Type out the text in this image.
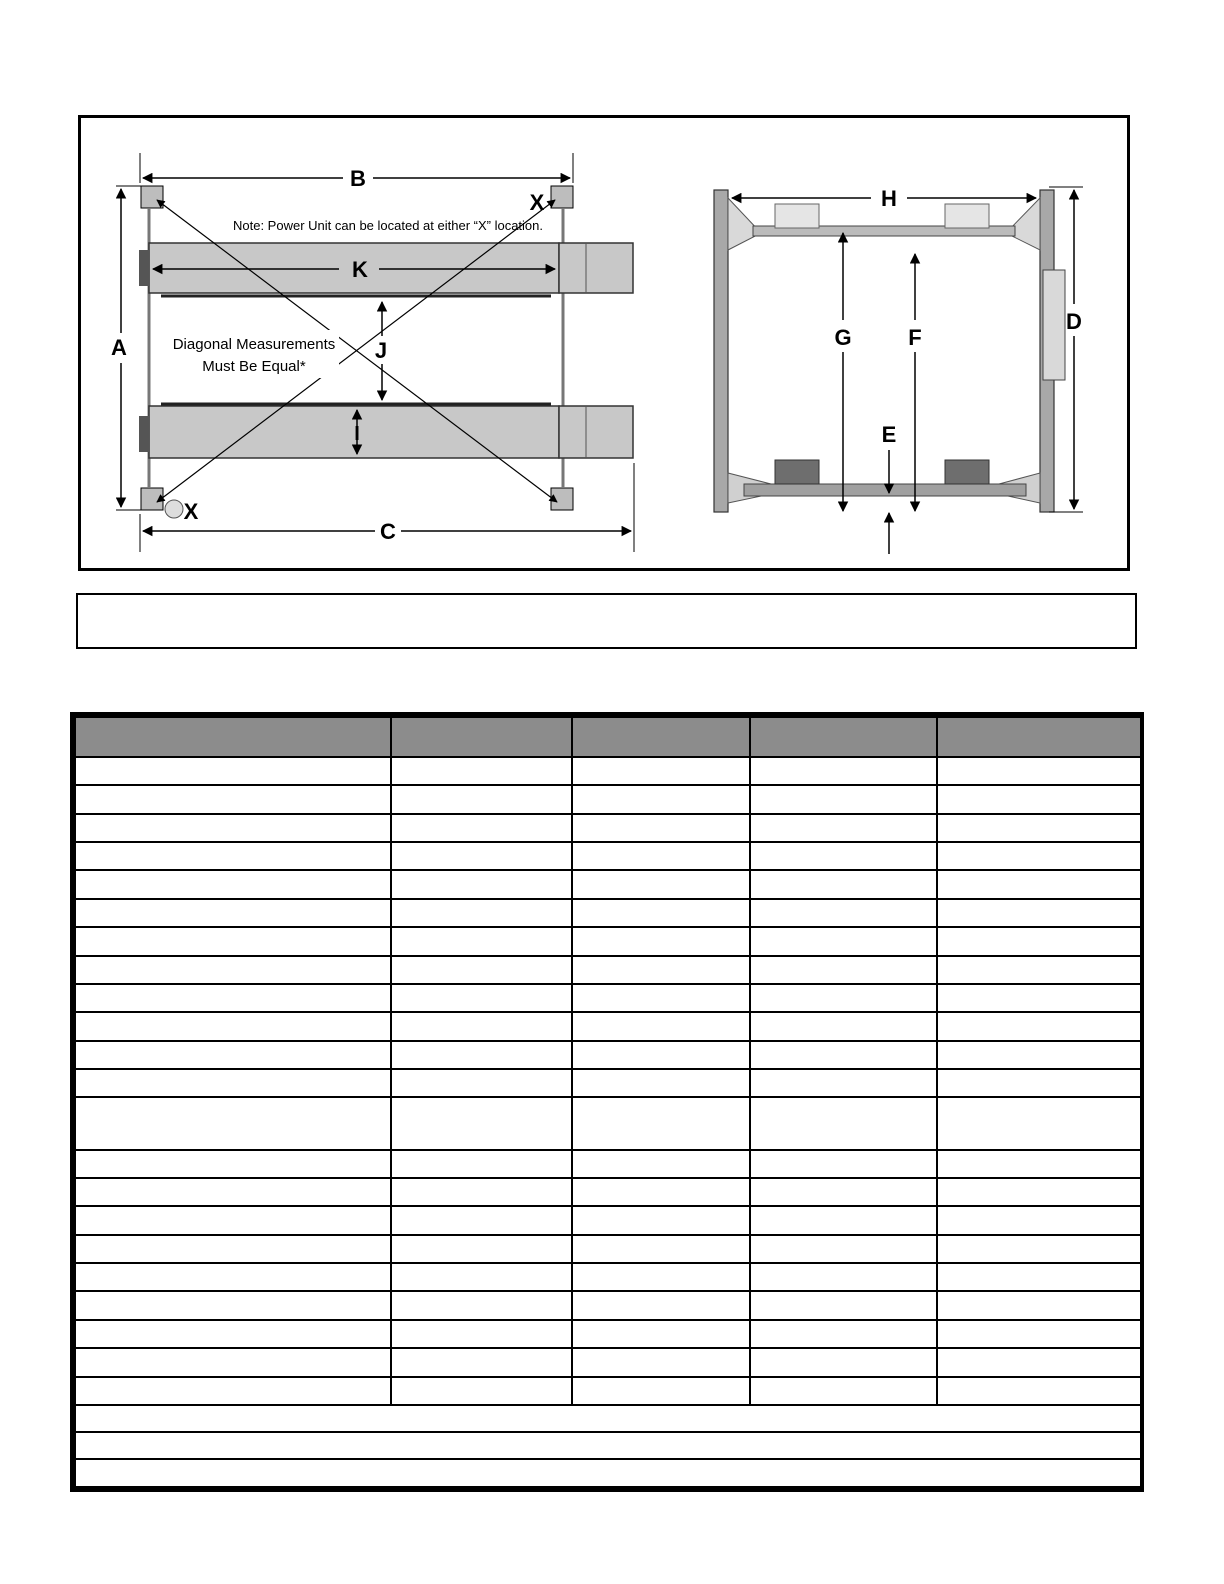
B
A
K
J
I
X
X
Note: Power Unit can be located at either “X” location.
Diagonal Measurements
Must Be Equal*
C
H
D
G	F
E
